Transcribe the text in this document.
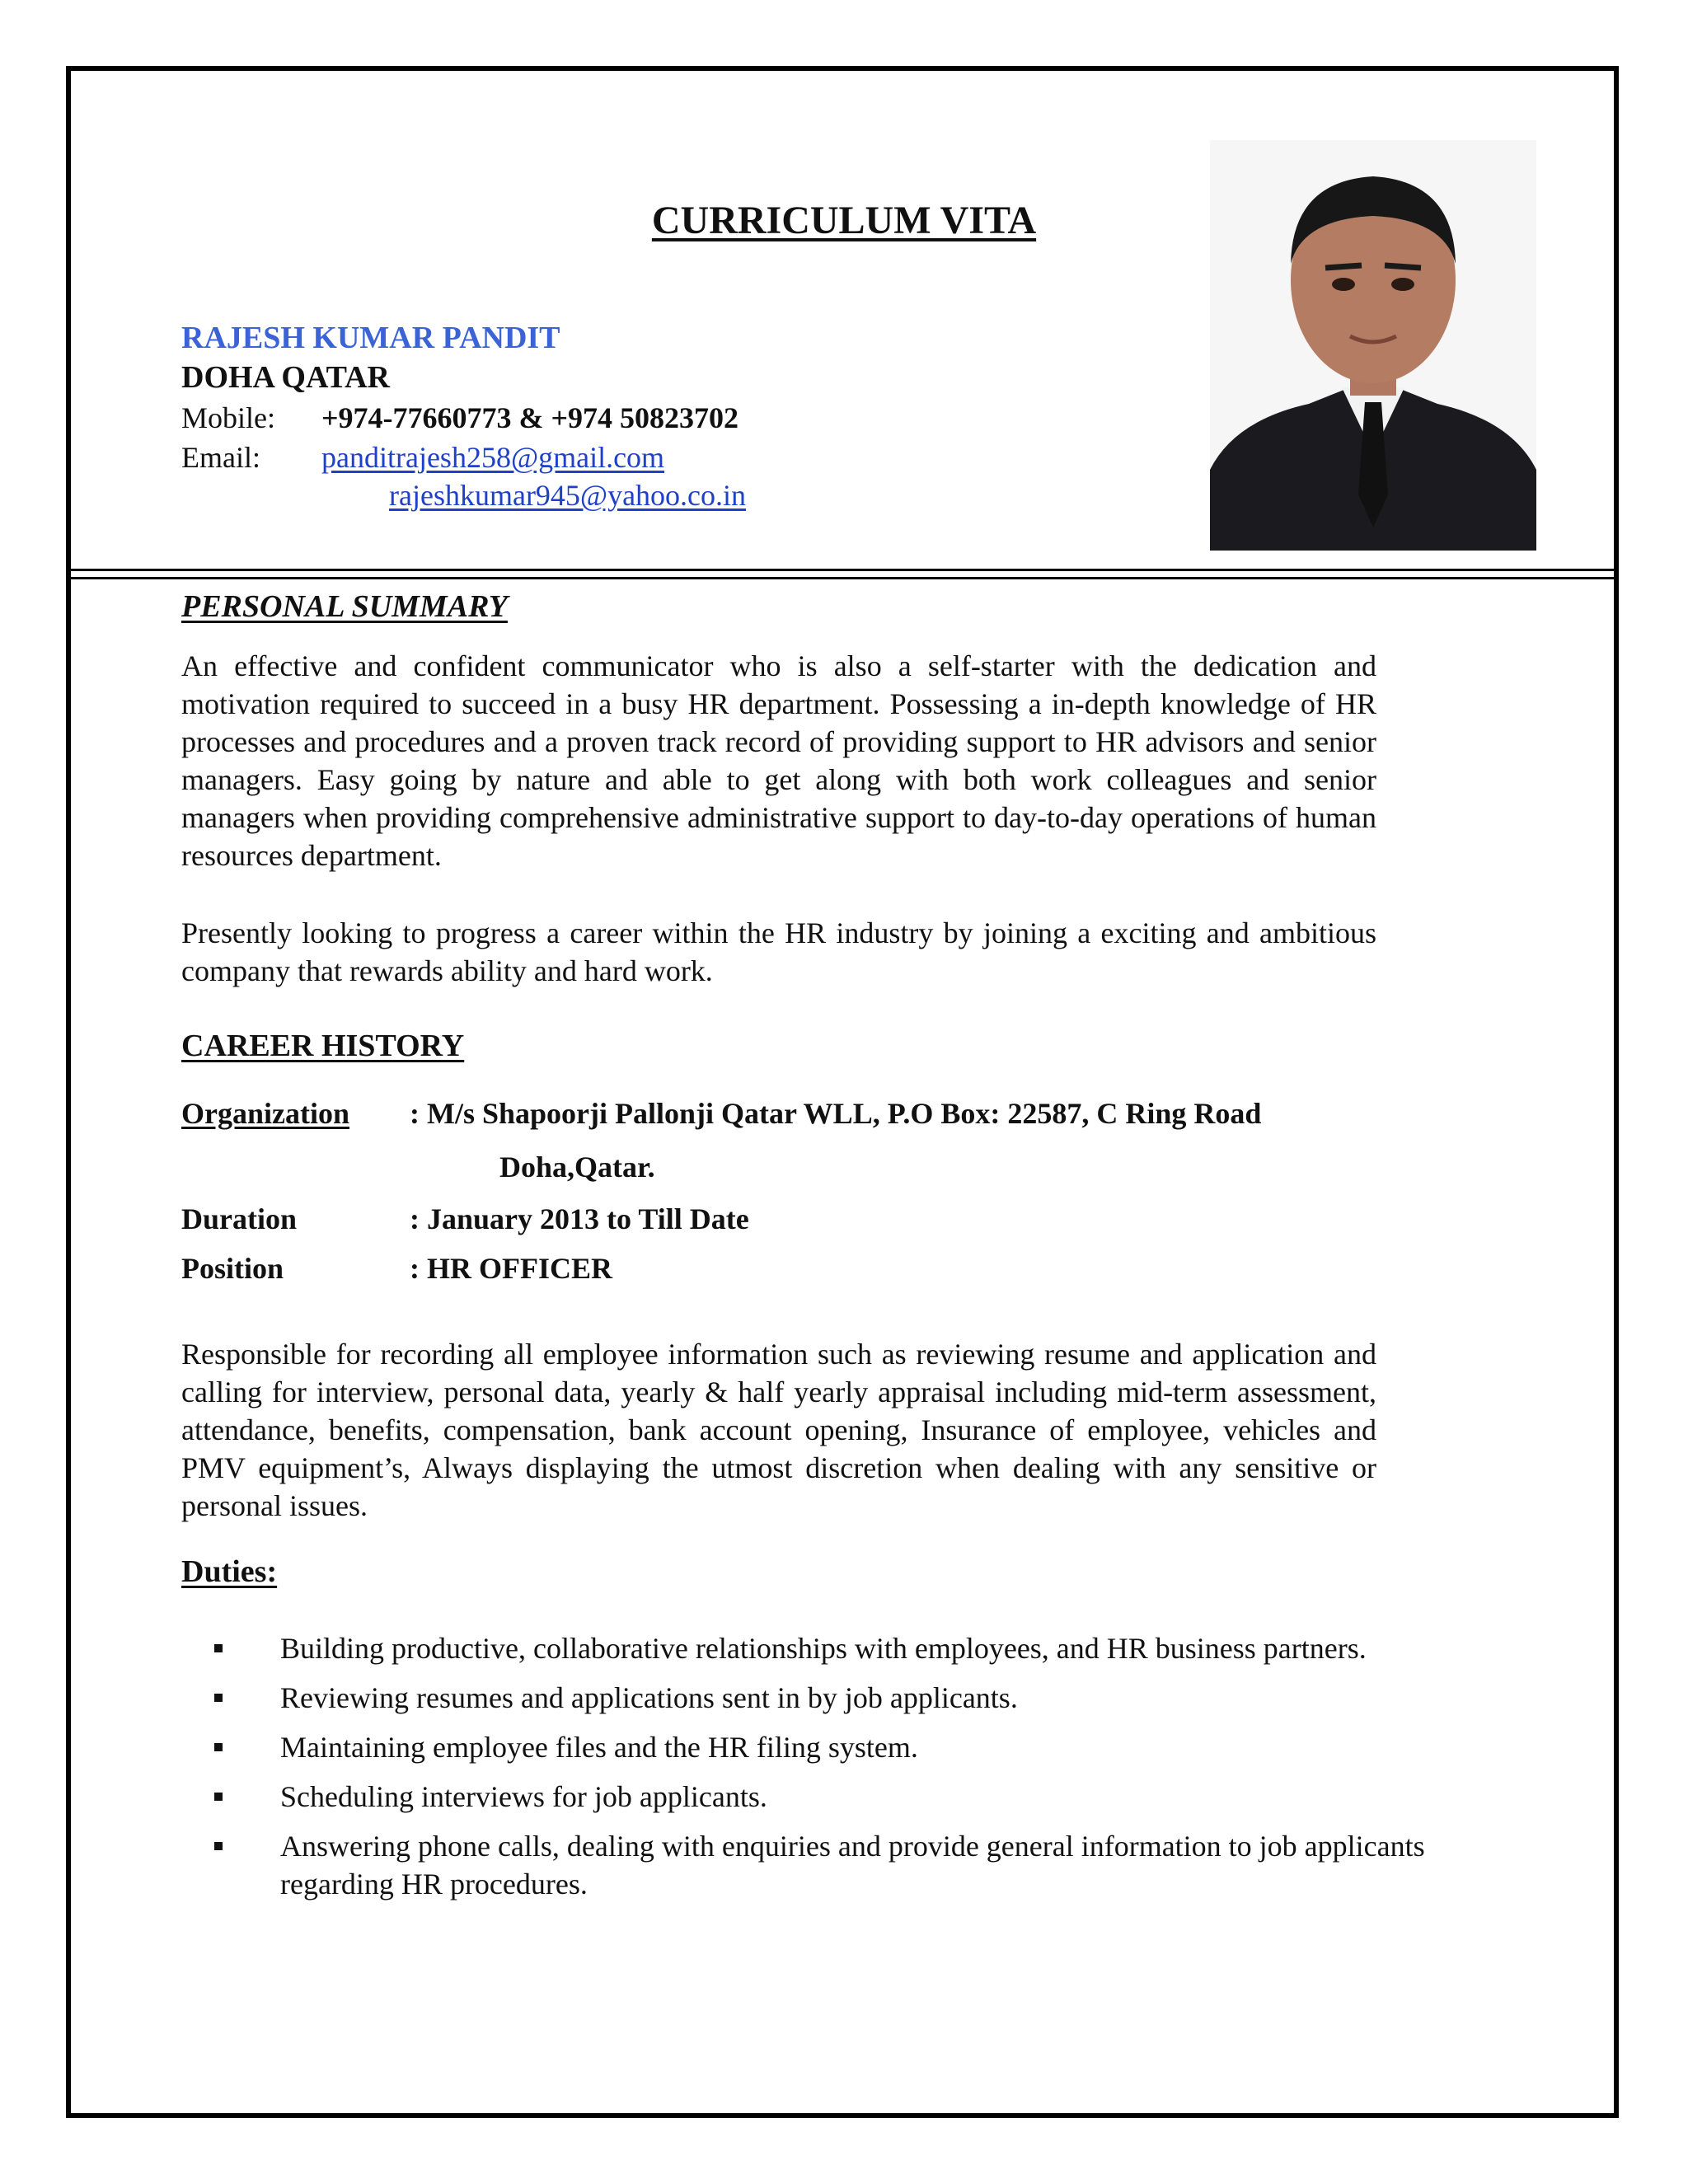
CURRICULUM VITA
RAJESH KUMAR PANDIT
DOHA QATAR
Mobile: +974-77660773 & +974 50823702
Email: panditrajesh258@gmail.com
rajeshkumar945@yahoo.co.in
PERSONAL SUMMARY
An effective and confident communicator who is also a self-starter with the dedication and motivation required to succeed in a busy HR department. Possessing a in-depth knowledge of HR processes and procedures and a proven track record of providing support to HR advisors and senior managers. Easy going by nature and able to get along with both work colleagues and senior managers when providing comprehensive administrative support to day-to-day operations of human resources department.
Presently looking to progress a career within the HR industry by joining a exciting and ambitious company that rewards ability and hard work.
CAREER HISTORY
Organization : M/s Shapoorji Pallonji Qatar WLL, P.O Box: 22587, C Ring Road
Doha,Qatar.
Duration	: January 2013 to Till Date
Position	: HR OFFICER
Responsible for recording all employee information such as reviewing resume and application and calling for interview, personal data, yearly & half yearly appraisal including mid-term assessment, attendance, benefits, compensation, bank account opening, Insurance of employee, vehicles and PMV equipment’s, Always displaying the utmost discretion when dealing with any sensitive or personal issues.
Duties:
Building productive, collaborative relationships with employees, and HR business partners.
Reviewing resumes and applications sent in by job applicants.
Maintaining employee files and the HR filing system.
Scheduling interviews for job applicants.
Answering phone calls, dealing with enquiries and provide general information to job applicants regarding HR procedures.
